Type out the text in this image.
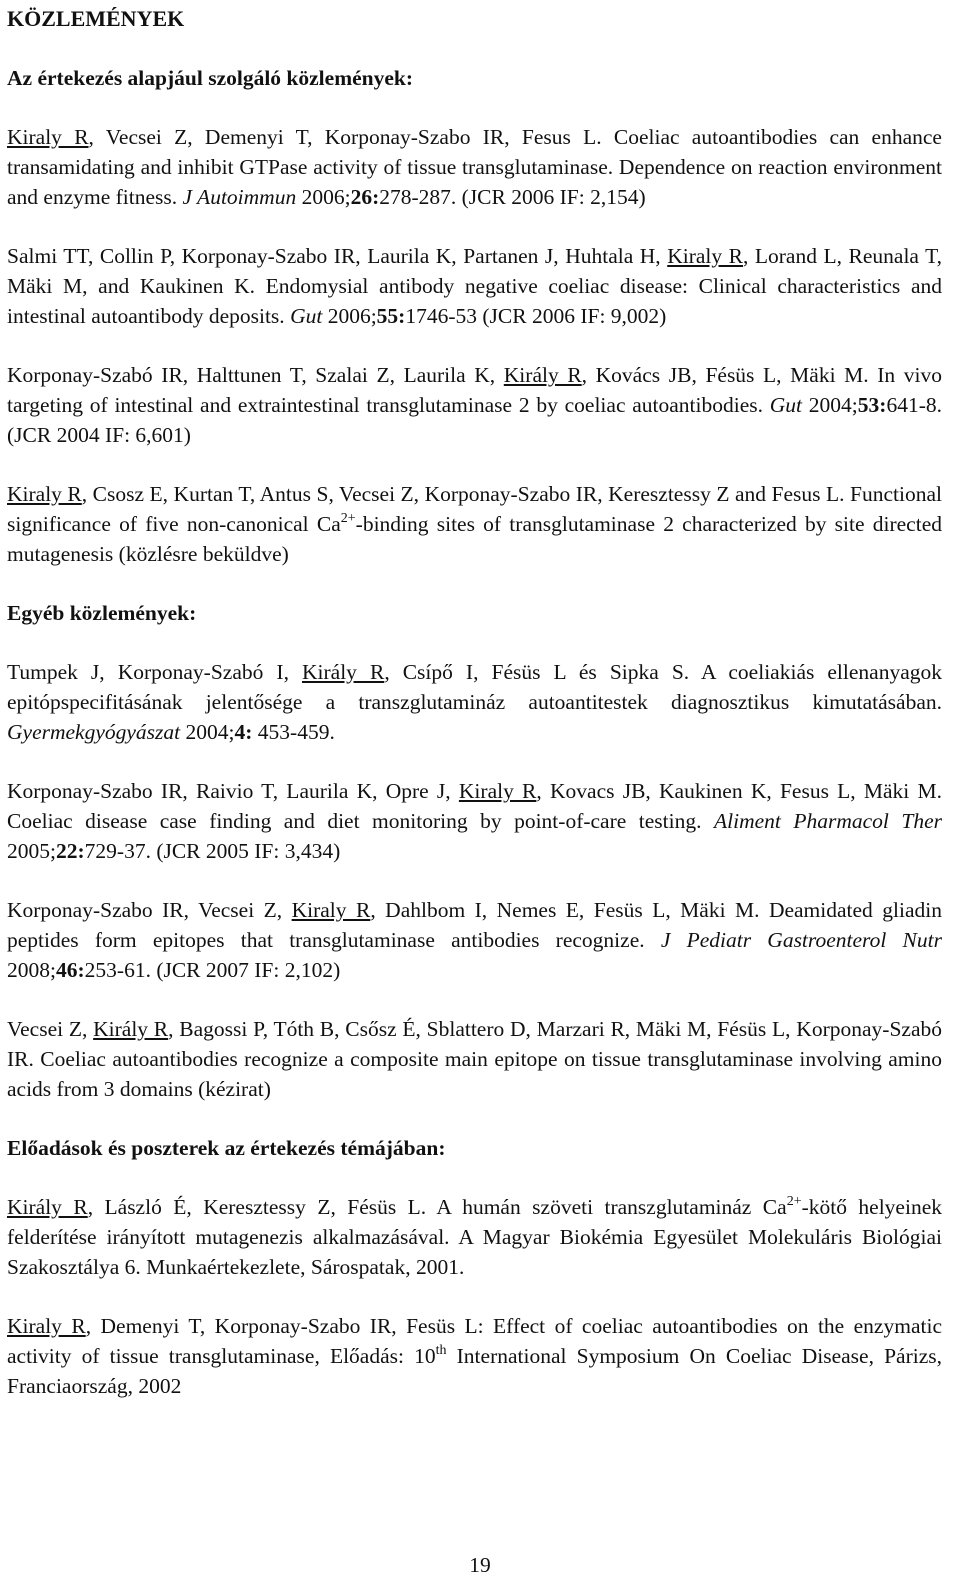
KÖZLEMÉNYEK
Az értekezés alapjául szolgáló közlemények:

Kiraly R, Vecsei Z, Demenyi T, Korponay-Szabo IR, Fesus L. Coeliac autoantibodies can enhance transamidating and inhibit GTPase activity of tissue transglutaminase. Dependence on reaction environment and enzyme fitness. J Autoimmun 2006;26:278-287. (JCR 2006 IF: 2,154)

Salmi TT, Collin P, Korponay-Szabo IR, Laurila K, Partanen J, Huhtala H, Kiraly R, Lorand L, Reunala T, Mäki M, and Kaukinen K. Endomysial antibody negative coeliac disease: Clinical characteristics and intestinal autoantibody deposits. Gut 2006;55:1746-53 (JCR 2006 IF: 9,002)

Korponay-Szabó IR, Halttunen T, Szalai Z, Laurila K, Király R, Kovács JB, Fésüs L, Mäki M. In vivo targeting of intestinal and extraintestinal transglutaminase 2 by coeliac autoantibodies. Gut 2004;53:641-8. (JCR 2004 IF: 6,601)

Kiraly R, Csosz E, Kurtan T, Antus S, Vecsei Z, Korponay-Szabo IR, Keresztessy Z and Fesus L. Functional significance of five non-canonical $Ca^{2+}$-binding sites of transglutaminase 2 characterized by site directed mutagenesis (közlésre beküldve)

Egyéb közlemények:

Tumpek J, Korponay-Szabó I, Király R, Csípő I, Fésüs L és Sipka S. A coeliakiás ellenanyagok epitópspecifitásának jelentősége a transzglutamináz autoantitestek diagnosztikus kimutatásában. Gyermekgyógyászat 2004;4: 453-459.

Korponay-Szabo IR, Raivio T, Laurila K, Opre J, Kiraly R, Kovacs JB, Kaukinen K, Fesus L, Mäki M. Coeliac disease case finding and diet monitoring by point-of-care testing. Aliment Pharmacol Ther 2005;22:729-37. (JCR 2005 IF: 3,434)

Korponay-Szabo IR, Vecsei Z, Kiraly R, Dahlbom I, Nemes E, Fesüs L, Mäki M. Deamidated gliadin peptides form epitopes that transglutaminase antibodies recognize. J Pediatr Gastroenterol Nutr 2008;46:253-61. (JCR 2007 IF: 2,102)

Vecsei Z, Király R, Bagossi P, Tóth B, Csősz É, Sblattero D, Marzari R, Mäki M, Fésüs L, Korponay-Szabó IR. Coeliac autoantibodies recognize a composite main epitope on tissue transglutaminase involving amino acids from 3 domains (kézirat)

Előadások és poszterek az értekezés témájában:

Király R, László É, Keresztessy Z, Fésüs L. A humán szöveti transzglutamináz $Ca^{2+}$-kötő helyeinek felderítése irányított mutagenezis alkalmazásával. A Magyar Biokémia Egyesület Molekuláris Biológiai Szakosztálya 6. Munkaértekezlete, Sárospatak, 2001.

Kiraly R, Demenyi T, Korponay-Szabo IR, Fesüs L: Effect of coeliac autoantibodies on the enzymatic activity of tissue transglutaminase, Előadás: 10th International Symposium On Coeliac Disease, Párizs, Franciaország, 2002

19
